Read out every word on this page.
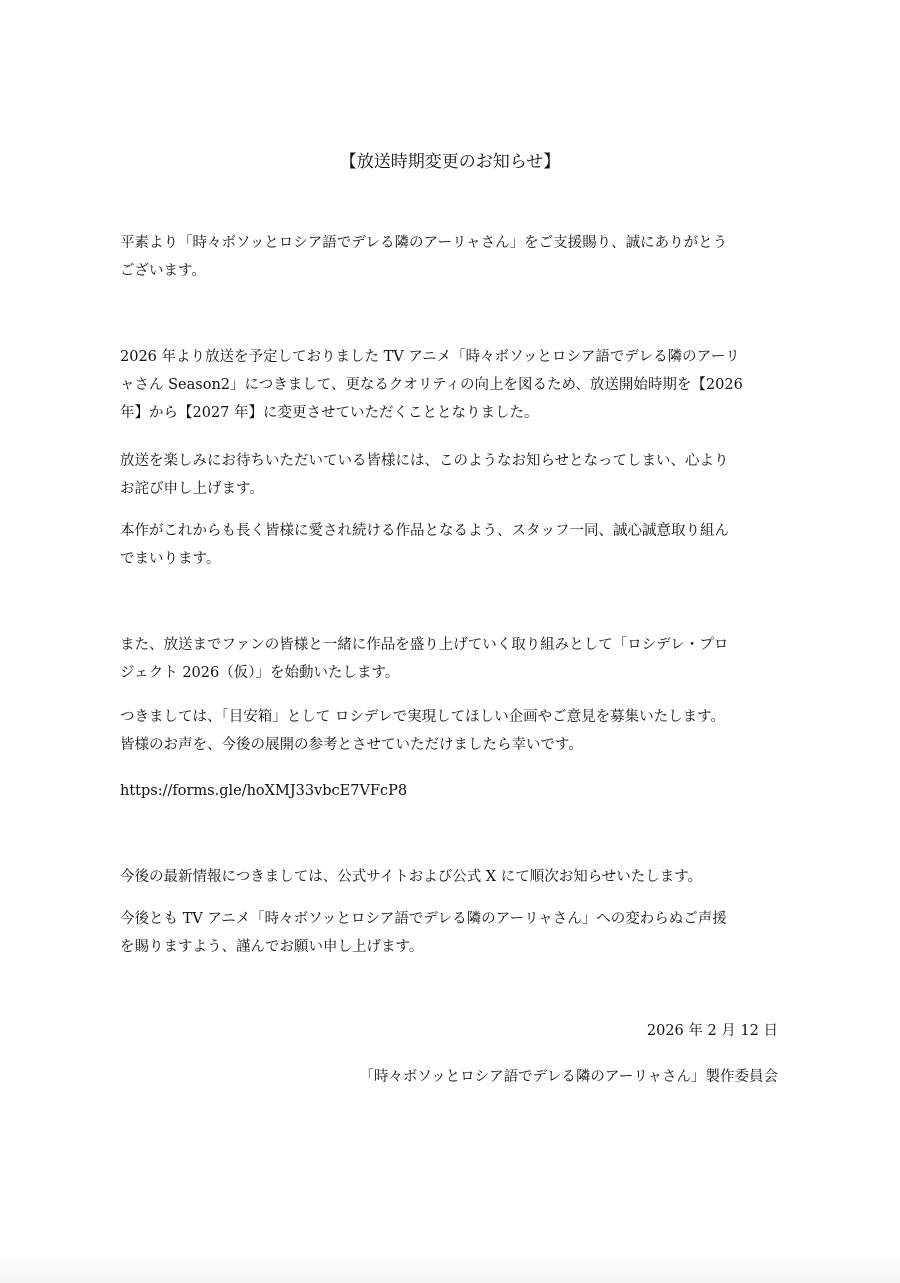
【放送時期変更のお知らせ】
平素より「時々ボソッとロシア語でデレる隣のアーリャさん」をご支援賜り、誠にありがとう
ございます。
2026 年より放送を予定しておりました TV アニメ「時々ボソッとロシア語でデレる隣のアーリ
ャさん Season2」につきまして、更なるクオリティの向上を図るため、放送開始時期を【2026
年】から【2027 年】に変更させていただくこととなりました。
放送を楽しみにお待ちいただいている皆様には、このようなお知らせとなってしまい、心より
お詫び申し上げます。
本作がこれからも長く皆様に愛され続ける作品となるよう、スタッフ一同、誠心誠意取り組ん
でまいります。
また、放送までファンの皆様と一緒に作品を盛り上げていく取り組みとして「ロシデレ・プロ
ジェクト 2026（仮）」を始動いたします。
つきましては、「目安箱」として ロシデレで実現してほしい企画やご意見を募集いたします。
皆様のお声を、今後の展開の参考とさせていただけましたら幸いです。
https://forms.gle/hoXMJ33vbcE7VFcP8
今後の最新情報につきましては、公式サイトおよび公式 X にて順次お知らせいたします。
今後とも TV アニメ「時々ボソッとロシア語でデレる隣のアーリャさん」への変わらぬご声援
を賜りますよう、謹んでお願い申し上げます。
2026 年 2 月 12 日
「時々ボソッとロシア語でデレる隣のアーリャさん」製作委員会
